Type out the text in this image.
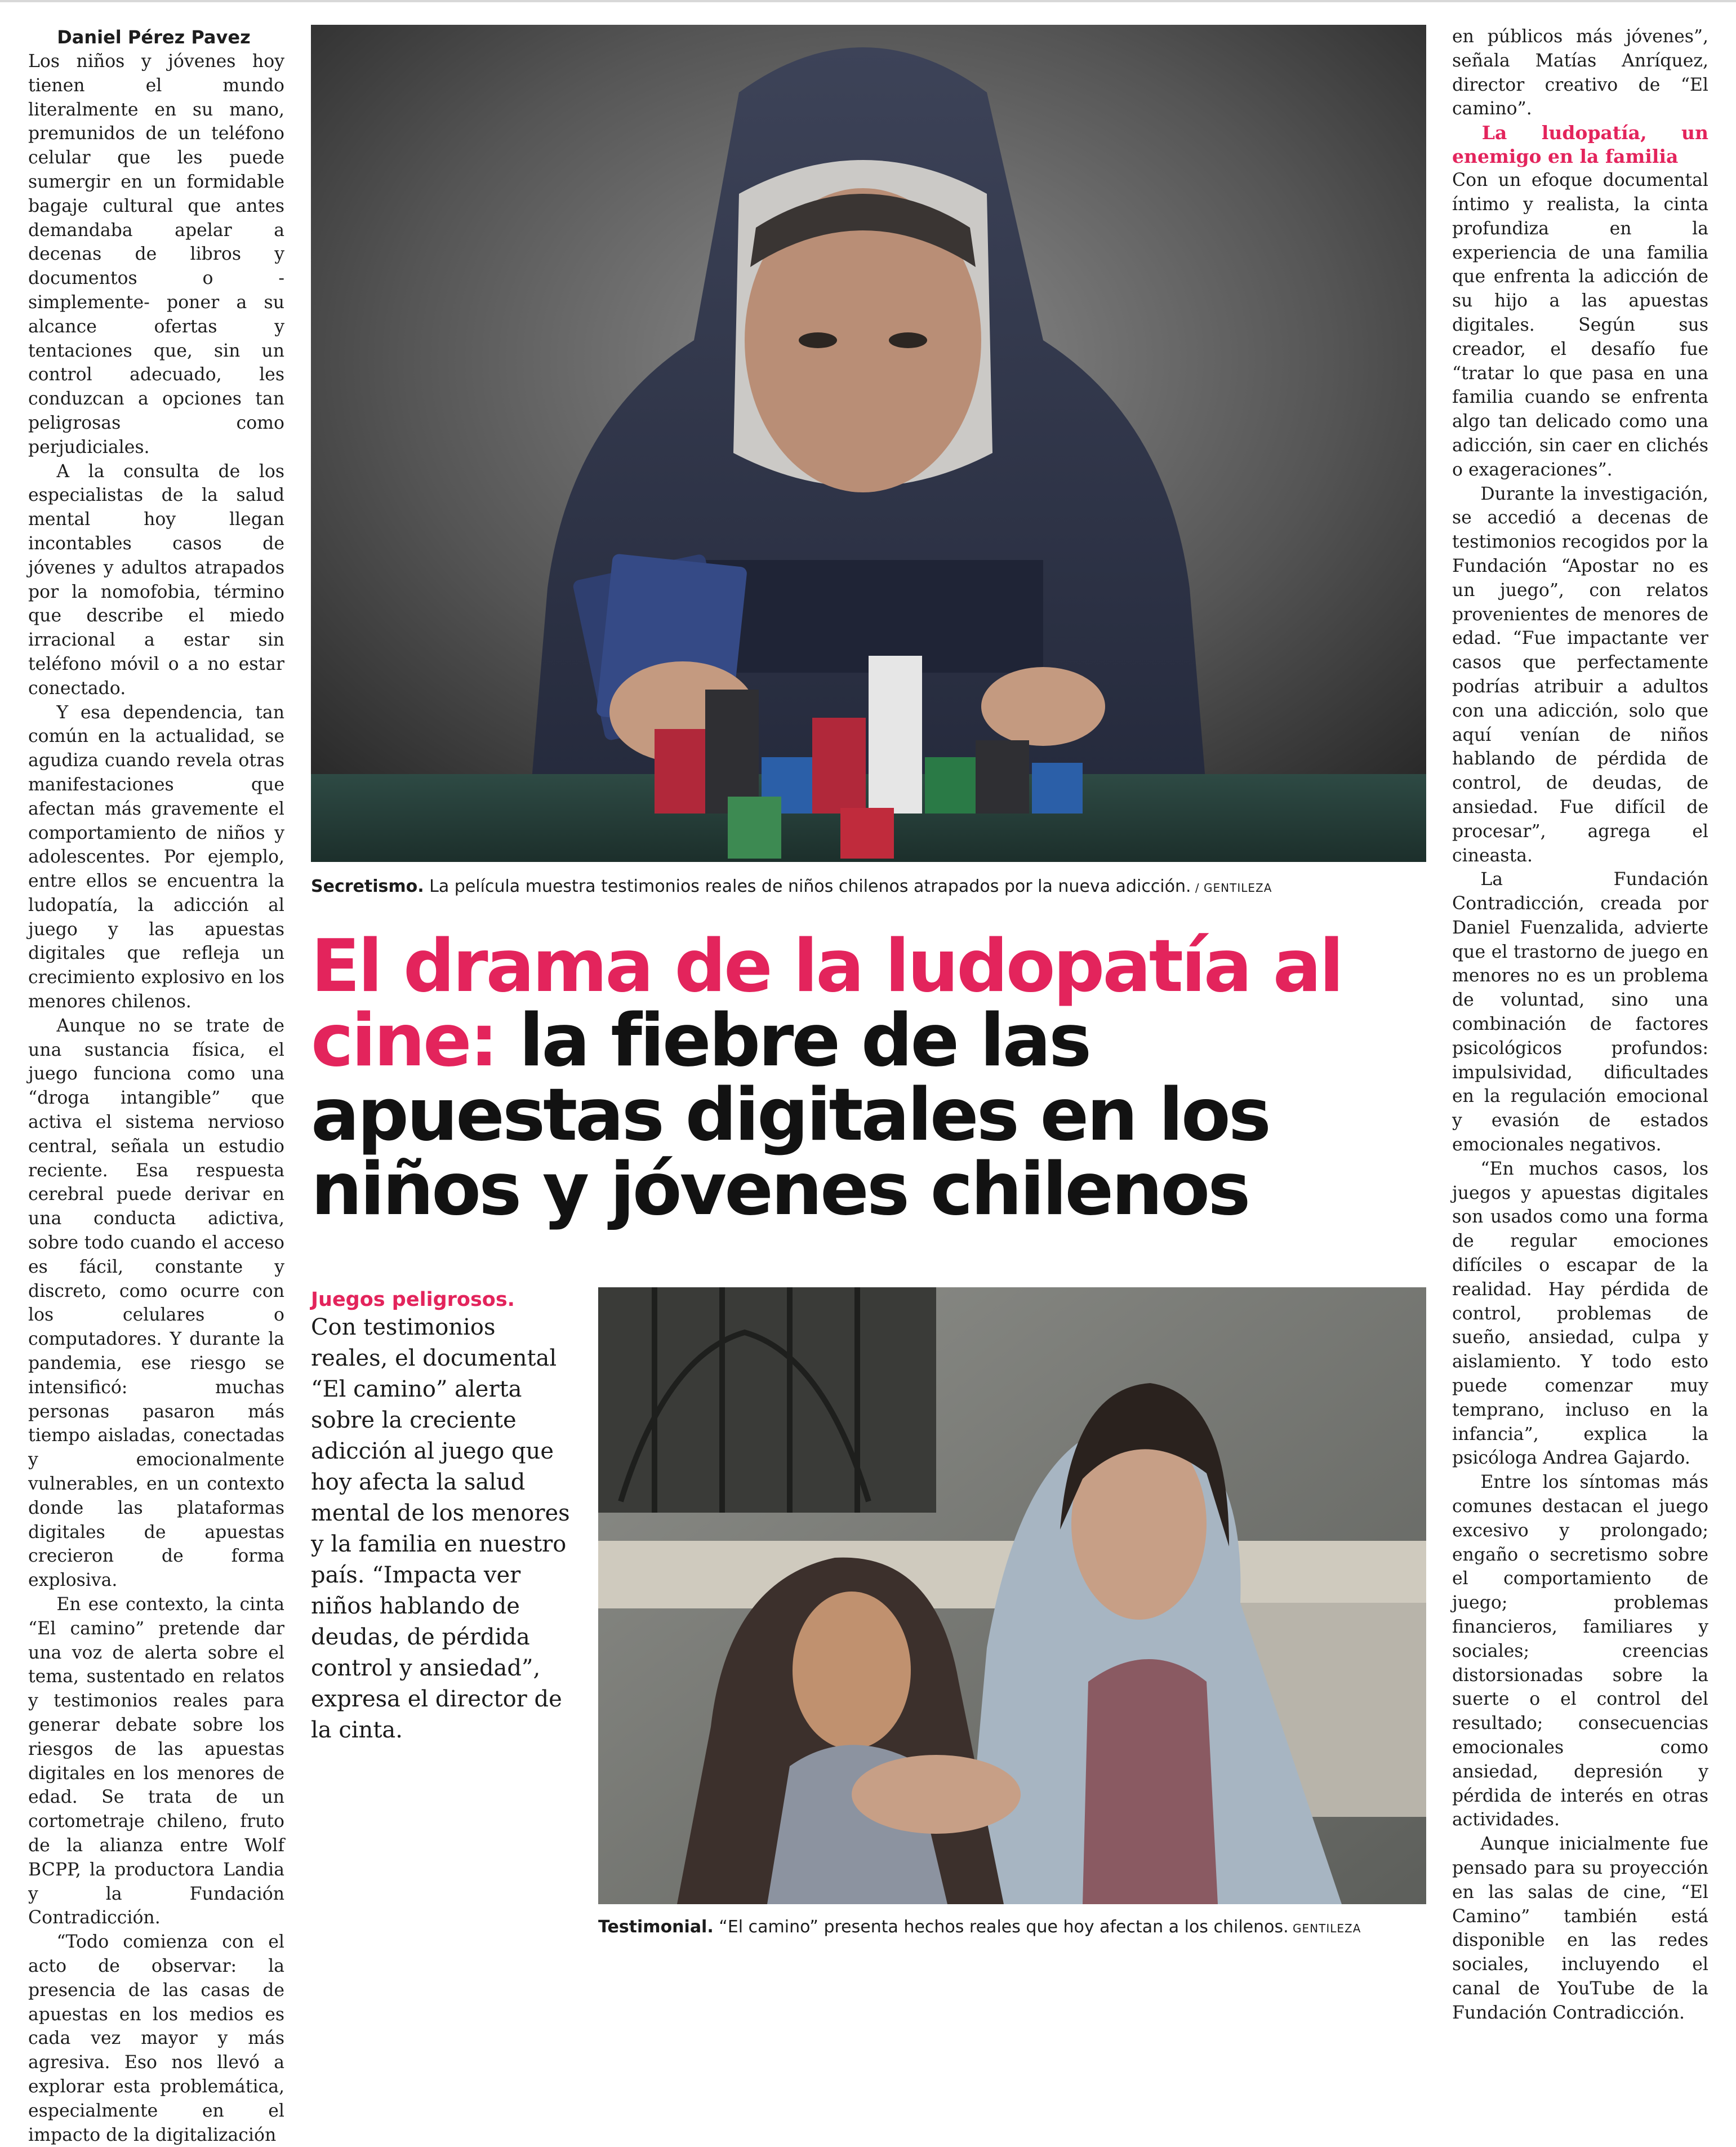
Daniel Pérez Pavez

Los niños y jóvenes hoy tienen el mundo literalmente en su mano, premunidos de un teléfono celular que les puede sumergir en un formidable bagaje cultural que antes demandaba apelar a decenas de libros y documentos o -simplemente- poner a su alcance ofertas y tentaciones que, sin un control adecuado, les conduzcan a opciones tan peligrosas como perjudiciales.

A la consulta de los especialistas de la salud mental hoy llegan incontables casos de jóvenes y adultos atrapados por la nomofobia, término que describe el miedo irracional a estar sin teléfono móvil o a no estar conectado.

Y esa dependencia, tan común en la actualidad, se agudiza cuando revela otras manifestaciones que afectan más gravemente el comportamiento de niños y adolescentes. Por ejemplo, entre ellos se encuentra la ludopatía, la adicción al juego y las apuestas digitales que refleja un crecimiento explosivo en los menores chilenos.

Aunque no se trate de una sustancia física, el juego funciona como una “droga intangible” que activa el sistema nervioso central, señala un estudio reciente. Esa respuesta cerebral puede derivar en una conducta adictiva, sobre todo cuando el acceso es fácil, constante y discreto, como ocurre con los celulares o computadores. Y durante la pandemia, ese riesgo se intensificó: muchas personas pasaron más tiempo aisladas, conectadas y emocionalmente vulnerables, en un contexto donde las plataformas digitales de apuestas crecieron de forma explosiva.

En ese contexto, la cinta “El camino” pretende dar una voz de alerta sobre el tema, sustentado en relatos y testimonios reales para generar debate sobre los riesgos de las apuestas digitales en los menores de edad. Se trata de un cortometraje chileno, fruto de la alianza entre Wolf BCPP, la productora Landia y la Fundación Contradicción.

“Todo comienza con el acto de observar: la presencia de las casas de apuestas en los medios es cada vez mayor y más agresiva. Eso nos llevó a explorar esta problemática, especialmente en el impacto de la digitalización

Secretismo. La película muestra testimonios reales de niños chilenos atrapados por la nueva adicción. / GENTILEZA
El drama de la ludopatía al cine: la fiebre de las apuestas digitales en los niños y jóvenes chilenos

Juegos peligrosos.

Con testimonios reales, el documental “El camino” alerta sobre la creciente adicción al juego que hoy afecta la salud mental de los menores y la familia en nuestro país. “Impacta ver niños hablando de deudas, de pérdida control y ansiedad”, expresa el director de la cinta.

Testimonial. “El camino” presenta hechos reales que hoy afectan a los chilenos. GENTILEZA

en públicos más jóvenes”, señala Matías Anríquez, director creativo de “El camino”.

La ludopatía, un enemigo en la familia

Con un efoque documental íntimo y realista, la cinta profundiza en la experiencia de una familia que enfrenta la adicción de su hijo a las apuestas digitales. Según sus creador, el desafío fue “tratar lo que pasa en una familia cuando se enfrenta algo tan delicado como una adicción, sin caer en clichés o exageraciones”.

Durante la investigación, se accedió a decenas de testimonios recogidos por la Fundación “Apostar no es un juego”, con relatos provenientes de menores de edad. “Fue impactante ver casos que perfectamente podrías atribuir a adultos con una adicción, solo que aquí venían de niños hablando de pérdida de control, de deudas, de ansiedad. Fue difícil de procesar”, agrega el cineasta.

La Fundación Contradicción, creada por Daniel Fuenzalida, advierte que el trastorno de juego en menores no es un problema de voluntad, sino una combinación de factores psicológicos profundos: impulsividad, dificultades en la regulación emocional y evasión de estados emocionales negativos.

“En muchos casos, los juegos y apuestas digitales son usados como una forma de regular emociones difíciles o escapar de la realidad. Hay pérdida de control, problemas de sueño, ansiedad, culpa y aislamiento. Y todo esto puede comenzar muy temprano, incluso en la infancia”, explica la psicóloga Andrea Gajardo.

Entre los síntomas más comunes destacan el juego excesivo y prolongado; engaño o secretismo sobre el comportamiento de juego; problemas financieros, familiares y sociales; creencias distorsionadas sobre la suerte o el control del resultado; consecuencias emocionales como ansiedad, depresión y pérdida de interés en otras actividades.

Aunque inicialmente fue pensado para su proyección en las salas de cine, “El Camino” también está disponible en las redes sociales, incluyendo el canal de YouTube de la Fundación Contradicción.
